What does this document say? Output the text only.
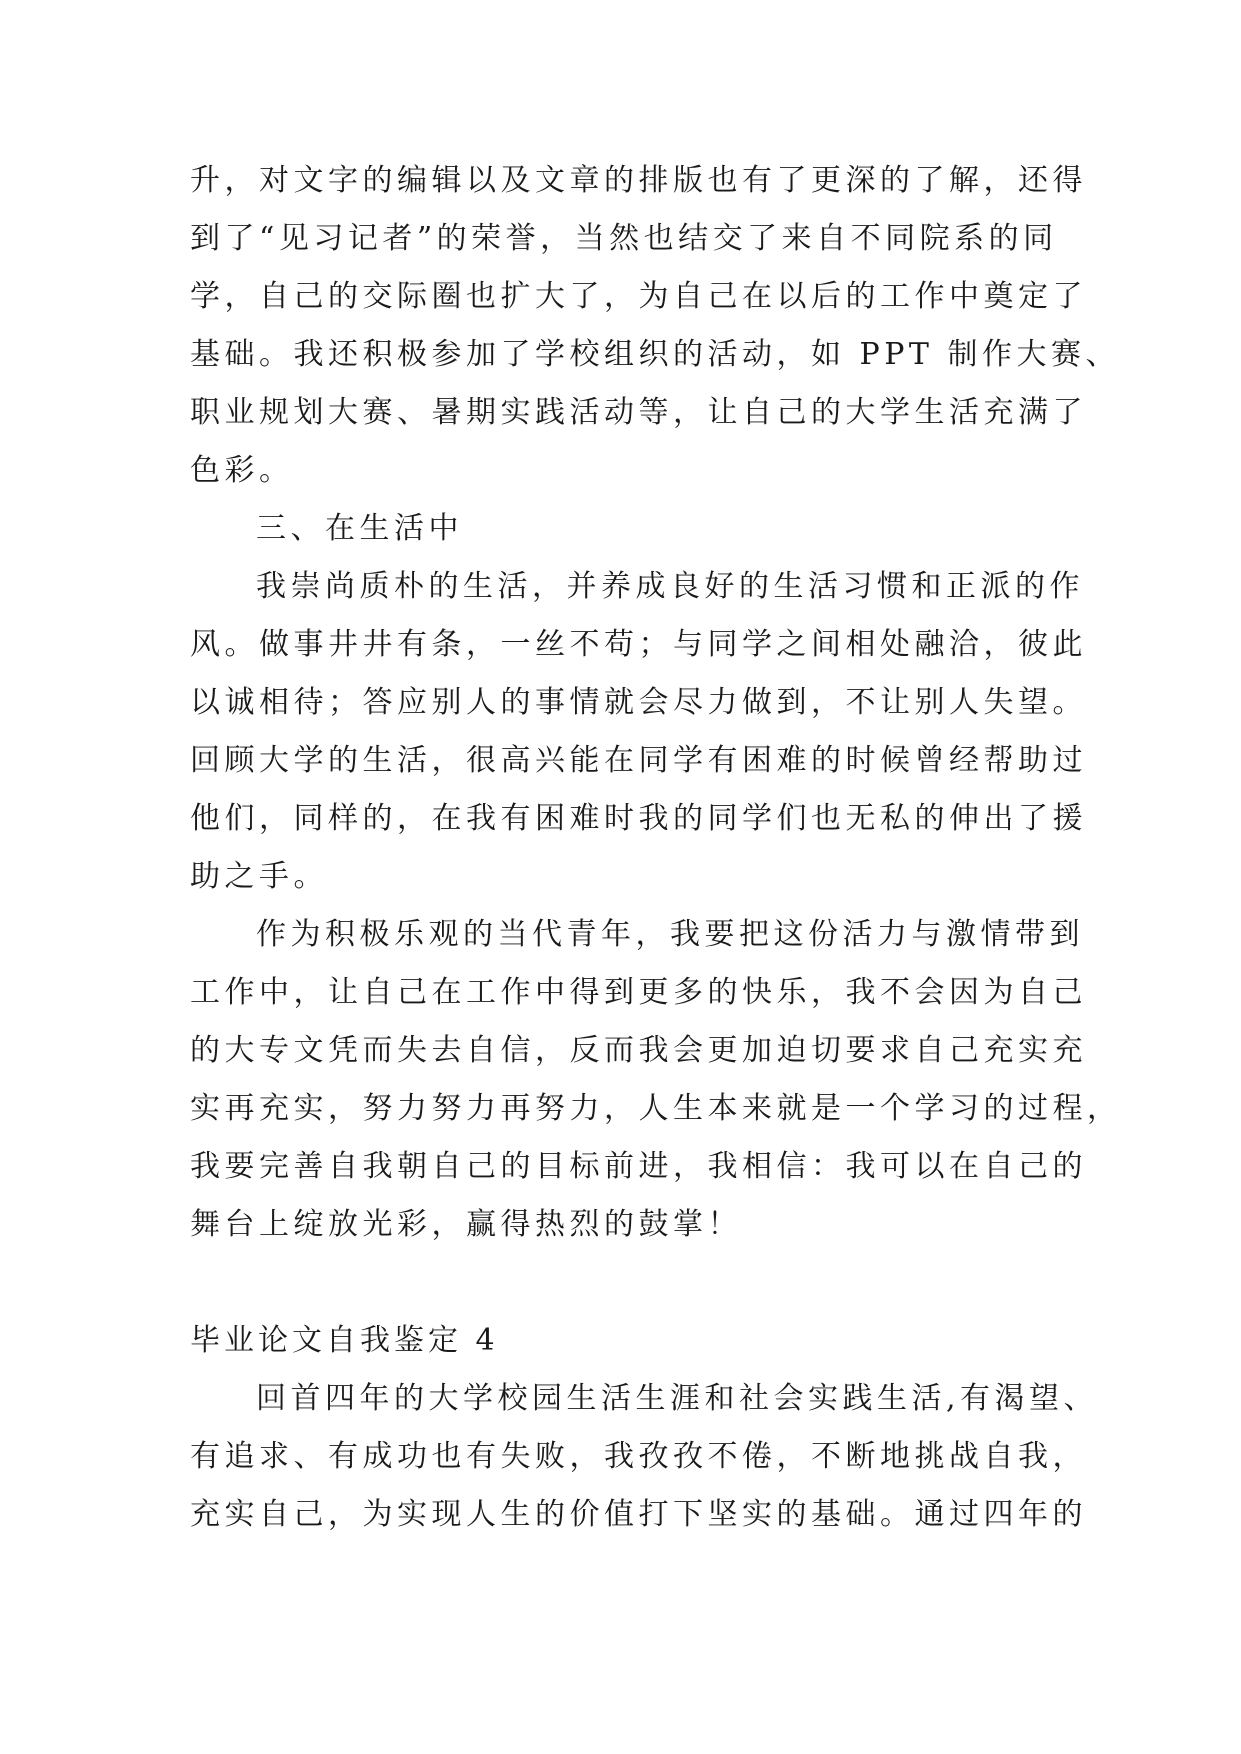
升，对文字的编辑以及文章的排版也有了更深的了解，还得
到了“见习记者”的荣誉，当然也结交了来自不同院系的同
学，自己的交际圈也扩大了，为自己在以后的工作中奠定了
基础。我还积极参加了学校组织的活动，如 PPT 制作大赛、
职业规划大赛、暑期实践活动等，让自己的大学生活充满了
色彩。
三、在生活中
我崇尚质朴的生活，并养成良好的生活习惯和正派的作
风。做事井井有条，一丝不苟；与同学之间相处融洽，彼此
以诚相待；答应别人的事情就会尽力做到，不让别人失望。
回顾大学的生活，很高兴能在同学有困难的时候曾经帮助过
他们，同样的，在我有困难时我的同学们也无私的伸出了援
助之手。
作为积极乐观的当代青年，我要把这份活力与激情带到
工作中，让自己在工作中得到更多的快乐，我不会因为自己
的大专文凭而失去自信，反而我会更加迫切要求自己充实充
实再充实，努力努力再努力，人生本来就是一个学习的过程，
我要完善自我朝自己的目标前进，我相信：我可以在自己的
舞台上绽放光彩，赢得热烈的鼓掌！
毕业论文自我鉴定 4
回首四年的大学校园生活生涯和社会实践生活,有渴望、
有追求、有成功也有失败，我孜孜不倦，不断地挑战自我，
充实自己，为实现人生的价值打下坚实的基础。通过四年的
